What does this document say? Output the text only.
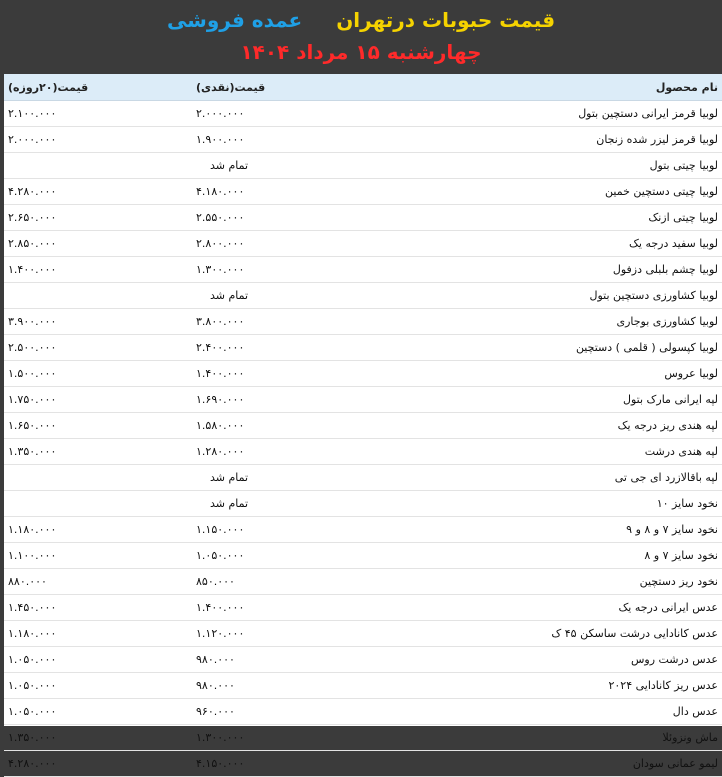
قیمت حبوبات درتهران
عمده فروشی
چهارشنبه ۱۵ مرداد ۱۴۰۴
نام محصول	قیمت(نقدی)	قیمت(۲۰روزه)
لوبیا قرمز ایرانی دستچین بتول	۲.۰۰۰.۰۰۰	۲.۱۰۰.۰۰۰
لوبیا قرمز لیزر شده زنجان	۱.۹۰۰.۰۰۰	۲.۰۰۰.۰۰۰
لوبیا چیتی بتول	تمام شد	
لوبیا چیتی دستچین خمین	۴.۱۸۰.۰۰۰	۴.۲۸۰.۰۰۰
لوبیا چیتی ازنک	۲.۵۵۰.۰۰۰	۲.۶۵۰.۰۰۰
لوبیا سفید درجه یک	۲.۸۰۰.۰۰۰	۲.۸۵۰.۰۰۰
لوبیا چشم بلبلی دزفول	۱.۳۰۰.۰۰۰	۱.۴۰۰.۰۰۰
لوبیا کشاورزی دستچین بتول	تمام شد	
لوبیا کشاورزی بوجاری	۳.۸۰۰.۰۰۰	۳.۹۰۰.۰۰۰
لوبیا کپسولی ( قلمی ) دستچین	۲.۴۰۰.۰۰۰	۲.۵۰۰.۰۰۰
لوبیا عروس	۱.۴۰۰.۰۰۰	۱.۵۰۰.۰۰۰
لپه ایرانی مارک بتول	۱.۶۹۰.۰۰۰	۱.۷۵۰.۰۰۰
لپه هندی ریز درجه یک	۱.۵۸۰.۰۰۰	۱.۶۵۰.۰۰۰
لپه هندی درشت	۱.۲۸۰.۰۰۰	۱.۳۵۰.۰۰۰
لپه باقالازرد ای جی تی	تمام شد	
نخود سایز ۱۰	تمام شد	
نخود سایز ۷ و ۸ و ۹	۱.۱۵۰.۰۰۰	۱.۱۸۰.۰۰۰
نخود سایز ۷ و ۸	۱.۰۵۰.۰۰۰	۱.۱۰۰.۰۰۰
نخود ریز دستچین	۸۵۰.۰۰۰	۸۸۰.۰۰۰
عدس ایرانی درجه یک	۱.۴۰۰.۰۰۰	۱.۴۵۰.۰۰۰
عدس کانادایی درشت ساسکن ۴۵ ک	۱.۱۲۰.۰۰۰	۱.۱۸۰.۰۰۰
عدس درشت روس	۹۸۰.۰۰۰	۱.۰۵۰.۰۰۰
عدس ریز کانادایی ۲۰۲۴	۹۸۰.۰۰۰	۱.۰۵۰.۰۰۰
عدس دال	۹۶۰.۰۰۰	۱.۰۵۰.۰۰۰
ماش ونزوئلا	۱.۳۰۰.۰۰۰	۱.۳۵۰.۰۰۰
لیمو عمانی سودان	۴.۱۵۰.۰۰۰	۴.۲۸۰.۰۰۰
